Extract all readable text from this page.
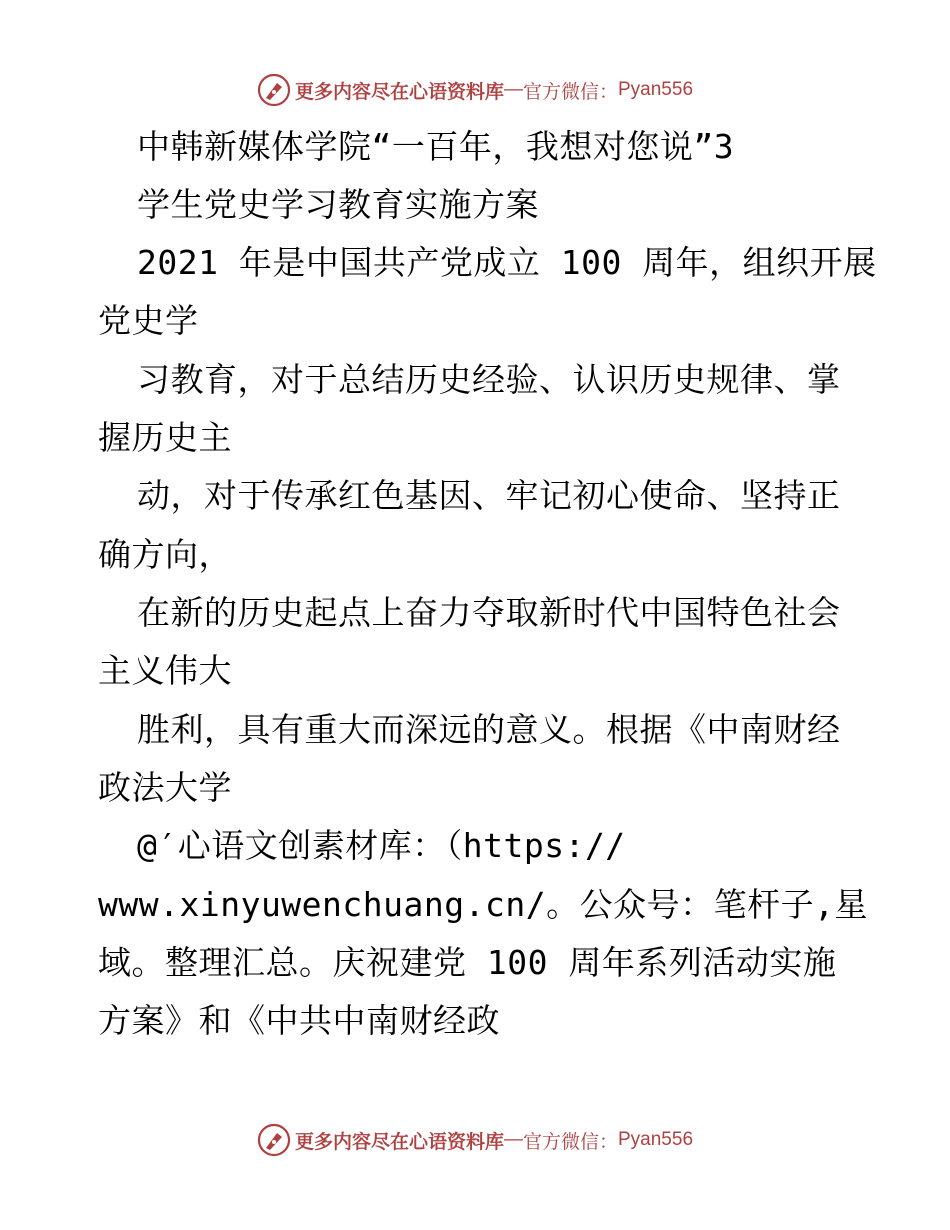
更多内容尽在心语资料库 — 官方微信： Pyan556
中韩新媒体学院“一百年，我想对您说”3
学生党史学习教育实施方案
2021 年是中国共产党成立 100 周年，组织开展
党史学
习教育，对于总结历史经验、认识历史规律、掌
握历史主
动，对于传承红色基因、牢记初心使命、坚持正
确方向，
在新的历史起点上奋力夺取新时代中国特色社会
主义伟大
胜利，具有重大而深远的意义。根据《中南财经
政法大学
@′心语文创素材库：（https://
www.xinyuwenchuang.cn/。公众号：笔杆子,星
域。整理汇总。庆祝建党 100 周年系列活动实施
方案》和《中共中南财经政
更多内容尽在心语资料库 — 官方微信： Pyan556
